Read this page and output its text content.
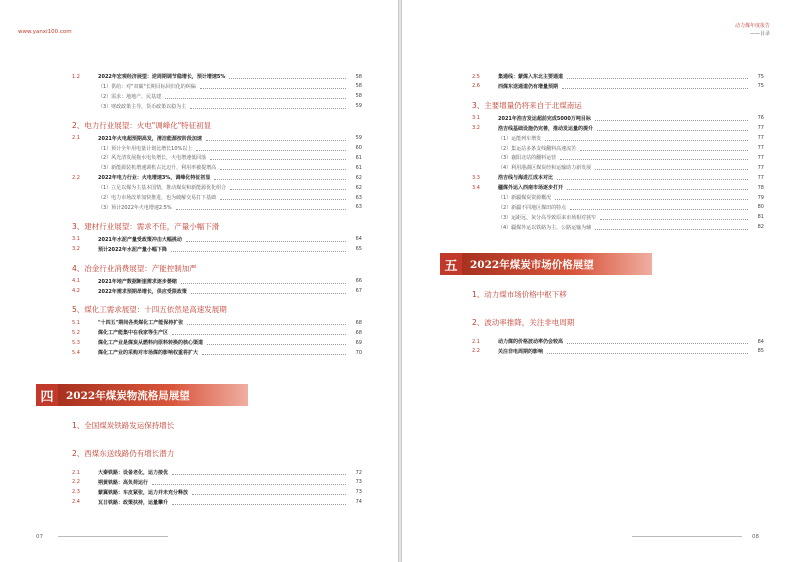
www.yanxi100.com
1.2	2022年宏观经济展望：逆周期调节稳增长，预计增速5%	58
（1）供给：对"双碳"长期目标回归化的纠偏	58
（2）需求：地地产、民基建	58
（3）财政政策主导，货币政策以稳为主	59
2、电力行业展望：火电"调峰化"特征初显
2.1	2021年火电超预期高发，清洁能源按阶段加速	59
（1）预计全年用电量计划比增长10%以上	60
（2）风光清发展拖水电负增长，火电增速低回落	61
（3）新能源装机增速调机占比迈升，利用率被提增高	61
2.2	2022年电力行业：火电增速3%，调峰化特征初显	62
（1）立足以煤为主基本国情，推动煤炭和新能源优化组合	62
（2）电力市场改革加快推进，也为破解交易打下基础	63
（3）预计2022年火电增速2.5%	63
3、建材行业展望：需求不佳，产量小幅下滑
3.1	2021年水泥产量受政策冲击大幅挑动	64
3.2	预计2022年水泥产量小幅下降	65
4、冶金行业消费展望：产能控制加严
4.1	2021年地产数据断崖需求逐步萎缩	66
4.2	2022年需求预期昂增长，供应受限政策	67
5、煤化工需求展望：十四五依然是高速发展期
5.1	"十四五"期间各类煤化工产能保持扩张	68
5.2	煤化工产能集中在我家等生产区	68
5.3	煤化工产业是煤炭从燃料向原料转换的核心渠道	69
5.4	煤化工产业的采购对市场煤的影响权重将扩大	70
四	2022年煤炭物流格局展望
1、全国煤炭铁路发运保持增长
2、西煤东送线路仍有增长潜力
2.1	大秦铁路：设备老化，运力接优	72
2.2	朔黄铁路：高负荷运行	73
2.3	蒙冀铁路：车皮紧张，运力并未充分释放	73
2.4	瓦日铁路：政策扶持，运量攀升	74
07
动力煤年度报告
——目录
2.5	集通线：蒙煤入东北主要通道	75
2.6	西煤东送通道仍有增量预期	75
3、主要增量仍将来自于北煤南运
3.1	2021年浩吉发运超前完成5000万吨目标	76
3.2	浩吉线基础设施仍完善，推动发运量的提升	77
（1）运能列车增发	77
（2）集运站多条支线翻料高速流苦	77
（3）襄阳北站的翻料运营	77
（4）利用港湖区煤炭经和运输助力新发展	77
3.3	浩吉线与海进江成本对比	77
3.4	疆煤外运入西南市场逐步打开	78
（1）新疆煤炭资源概况	79
（2）新疆不同地区煤田的特点	80
（3）运距远，灰分高导致原来市场相对狭窄	81
（4）疆煤外运以铁路为主，公路运输为辅	82
五	2022年煤炭市场价格展望
1、动力煤市场价格中枢下移
2、波动率推降，关注非电周期
2.1	动力煤的价格波动率仍会较高	84
2.2	关注非电周期的影响	85
08
